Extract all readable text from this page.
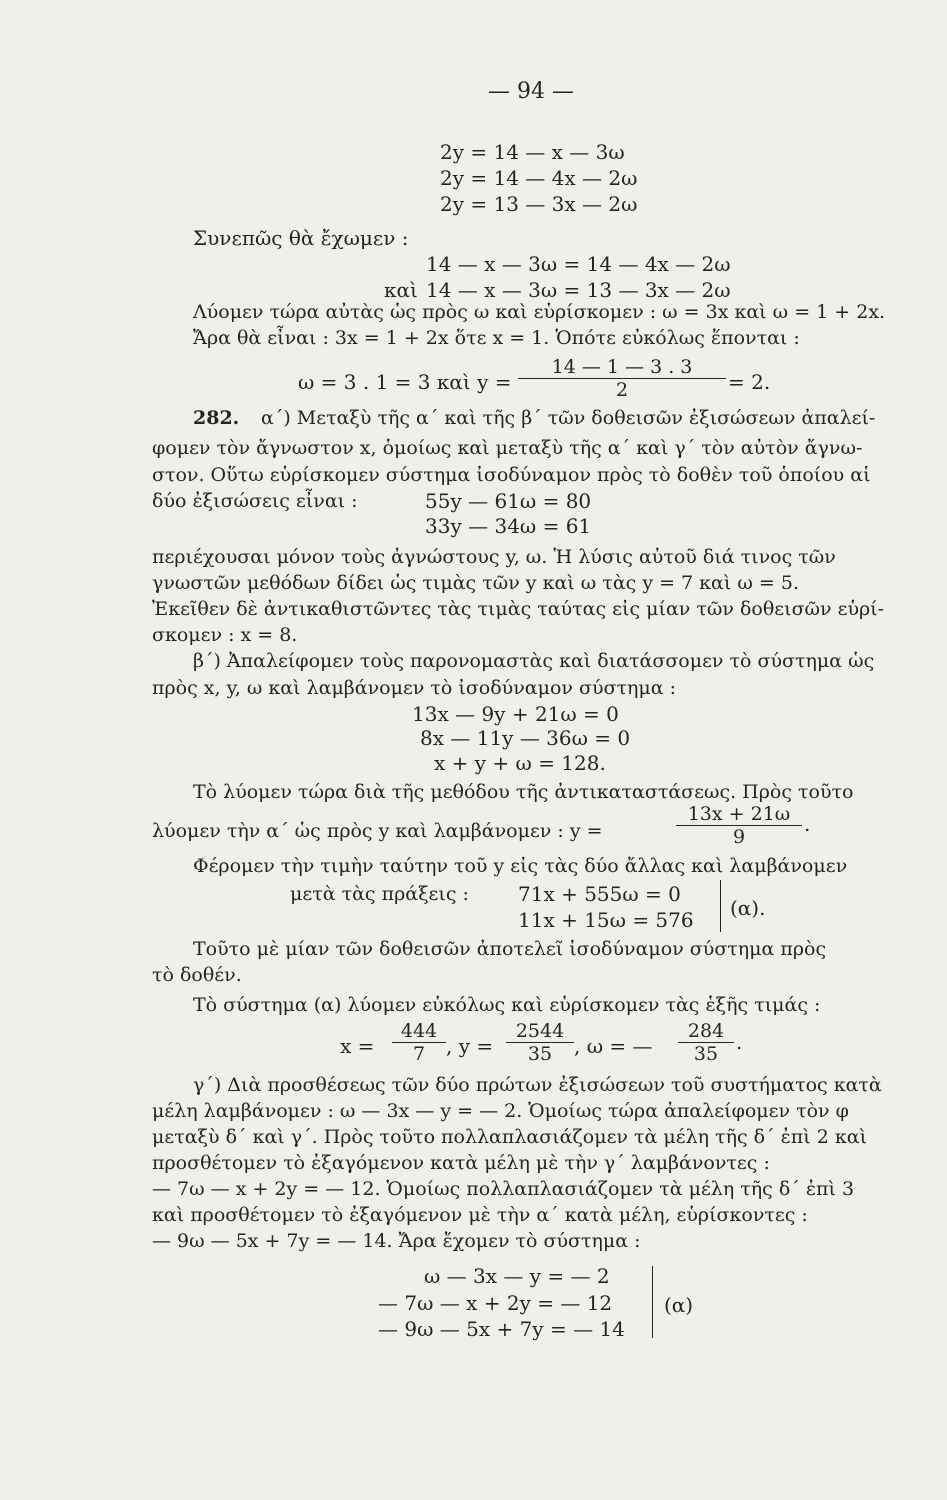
— 94 —
2y = 14 — x — 3ω
2y = 14 — 4x — 2ω
2y = 13 — 3x — 2ω
Συνεπῶς θὰ ἔχωμεν :
14 — x — 3ω = 14 — 4x — 2ω
καὶ 14 — x — 3ω = 13 — 3x — 2ω
Λύομεν τώρα αὐτὰς ὡς πρὸς ω καὶ εὑρίσκομεν : ω = 3x καὶ ω = 1 + 2x.
Ἄρα θὰ εἶναι : 3x = 1 + 2x ὅτε x = 1. Ὁπότε εὐκόλως ἕπονται :
ω = 3 . 1 = 3 καὶ $y = \frac{14 — 1 — 3 . 3}{2} = 2$.
282. α΄) Μεταξὺ τῆς α΄ καὶ τῆς β΄ τῶν δοθεισῶν ἐξισώσεων ἀπαλεί-
φομεν τὸν ἄγνωστον x, ὁμοίως καὶ μεταξὺ τῆς α΄ καὶ γ΄ τὸν αὐτὸν ἄγνω-
στον. Οὕτω εὑρίσκομεν σύστημα ἰσοδύναμον πρὸς τὸ δοθὲν τοῦ ὁποίου αἱ
δύο ἐξισώσεις εἶναι :	55y — 61ω = 80
33y — 34ω = 61
περιέχουσαι μόνον τοὺς ἀγνώστους y, ω. Ἡ λύσις αὐτοῦ διά τινος τῶν
γνωστῶν μεθόδων δίδει ὡς τιμὰς τῶν y καὶ ω τὰς y = 7 καὶ ω = 5.
Ἐκεῖθεν δὲ ἀντικαθιστῶντες τὰς τιμὰς ταύτας εἰς μίαν τῶν δοθεισῶν εὑρί-
σκομεν : x = 8.
β΄) Ἀπαλείφομεν τοὺς παρονομαστὰς καὶ διατάσσομεν τὸ σύστημα ὡς
πρὸς x, y, ω καὶ λαμβάνομεν τὸ ἰσοδύναμον σύστημα :
13x — 9y + 21ω = 0
8x — 11y — 36ω = 0
x + y + ω = 128.
Τὸ λύομεν τώρα διὰ τῆς μεθόδου τῆς ἀντικαταστάσεως. Πρὸς τοῦτο
λύομεν τὴν α΄ ὡς πρὸς y καὶ λαμβάνομεν : y =	$\frac{13x + 21\omega}{9}$ .
Φέρομεν τὴν τιμὴν ταύτην τοῦ y εἰς τὰς δύο ἄλλας καὶ λαμβάνομεν
μετὰ τὰς πράξεις : 71x + 555ω = 0
11x + 15ω = 576 (α).
Τοῦτο μὲ μίαν τῶν δοθεισῶν ἀποτελεῖ ἰσοδύναμον σύστημα πρὸς
τὸ δοθέν.
Τὸ σύστημα (α) λύομεν εὐκόλως καὶ εὑρίσκομεν τὰς ἑξῆς τιμάς :
$x = \frac{444}{7}$ , $y = \frac{2544}{35}$ , ω = — $\frac{284}{35}$ .
γ΄) Διὰ προσθέσεως τῶν δύο πρώτων ἐξισώσεων τοῦ συστήματος κατὰ
μέλη λαμβάνομεν : ω — 3x — y = — 2. Ὁμοίως τώρα ἀπαλείφομεν τὸν φ
μεταξὺ δ΄ καὶ γ΄. Πρὸς τοῦτο πολλαπλασιάζομεν τὰ μέλη τῆς δ΄ ἐπὶ 2 καὶ
προσθέτομεν τὸ ἐξαγόμενον κατὰ μέλη μὲ τὴν γ΄ λαμβάνοντες :
— 7ω — x + 2y = — 12. Ὁμοίως πολλαπλασιάζομεν τὰ μέλη τῆς δ΄ ἐπὶ 3
καὶ προσθέτομεν τὸ ἐξαγόμενον μὲ τὴν α΄ κατὰ μέλη, εὑρίσκοντες :
— 9ω — 5x + 7y = — 14. Ἄρα ἔχομεν τὸ σύστημα :
ω — 3x — y = — 2
— 7ω — x + 2y = — 12
— 9ω — 5x + 7y = — 14
(α)
